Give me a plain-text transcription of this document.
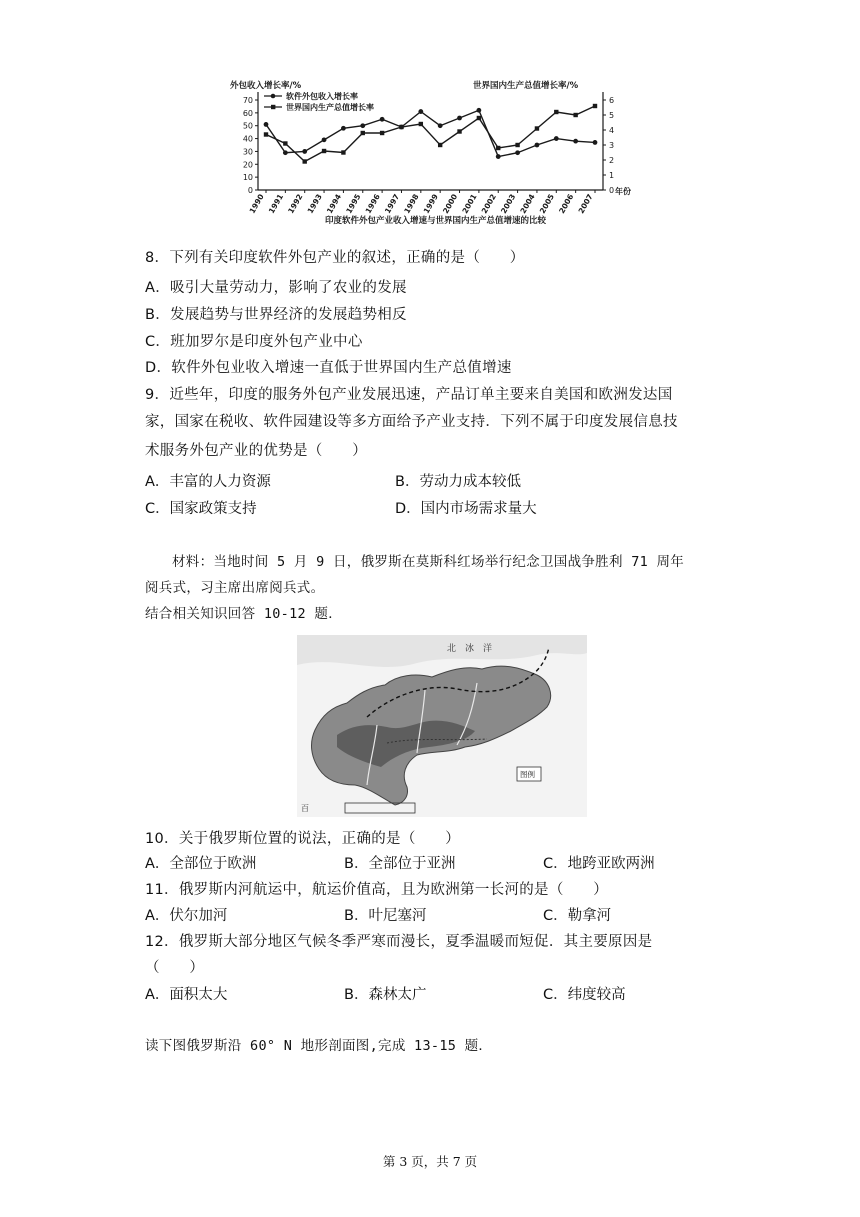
0
10
20
30
40
50
60
70
0
1
2
3
4
5
6
1990 1991 1992 1993 1994 1995 1996 1997 1998 1999 2000 2001 2002 2003 2004 2005 2006 2007
外包收入增长率/%	世界国内生产总值增长率/%
年份
印度软件外包产业收入增速与世界国内生产总值增速的比较
软件外包收入增长率
世界国内生产总值增长率
8．下列有关印度软件外包产业的叙述，正确的是（　　）
A．吸引大量劳动力，影响了农业的发展
B．发展趋势与世界经济的发展趋势相反
C．班加罗尔是印度外包产业中心
D．软件外包业收入增速一直低于世界国内生产总值增速
9．近些年，印度的服务外包产业发展迅速，产品订单主要来自美国和欧洲发达国
家，国家在税收、软件园建设等多方面给予产业支持．下列不属于印度发展信息技
术服务外包产业的优势是（　　）
A．丰富的人力资源	B．劳动力成本较低
C．国家政策支持	D．国内市场需求量大
材料：当地时间 5 月 9 日，俄罗斯在莫斯科红场举行纪念卫国战争胜利 71 周年
阅兵式，习主席出席阅兵式。
结合相关知识回答 10-12 题．
北　冰　洋
图例
百
10．关于俄罗斯位置的说法，正确的是（　　）
A．全部位于欧洲	B．全部位于亚洲	C．地跨亚欧两洲
11．俄罗斯内河航运中，航运价值高，且为欧洲第一长河的是（　　）
A．伏尔加河	B．叶尼塞河	C．勒拿河
12．俄罗斯大部分地区气候冬季严寒而漫长，夏季温暖而短促．其主要原因是
（　　）
A．面积太大	B．森林太广	C．纬度较高
读下图俄罗斯沿 60° N 地形剖面图,完成 13-15 题．
第 3 页，共 7 页
